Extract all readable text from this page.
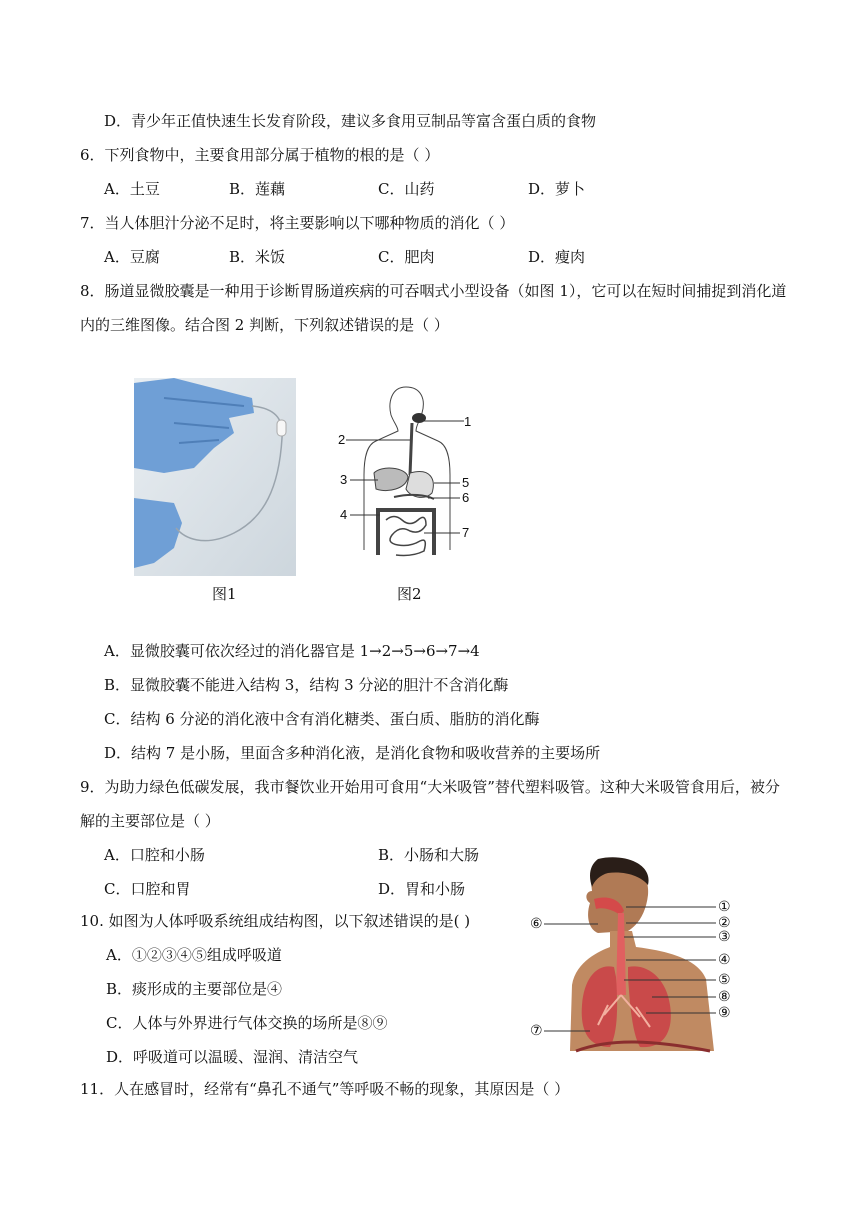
D．青少年正值快速生长发育阶段，建议多食用豆制品等富含蛋白质的食物
6．下列食物中，主要食用部分属于植物的根的是（ ）
A．土豆	B．莲藕	C．山药	D．萝卜
7．当人体胆汁分泌不足时，将主要影响以下哪种物质的消化（ ）
A．豆腐	B．米饭	C．肥肉	D．瘦肉
8．肠道显微胶囊是一种用于诊断胃肠道疾病的可吞咽式小型设备（如图 1），它可以在短时间捕捉到消化道
内的三维图像。结合图 2 判断，下列叙述错误的是（ ）
图1
1
2
3	5
6
4
7
图2
A．显微胶囊可依次经过的消化器官是 1→2→5→6→7→4
B．显微胶囊不能进入结构 3，结构 3 分泌的胆汁不含消化酶
C．结构 6 分泌的消化液中含有消化糖类、蛋白质、脂肪的消化酶
D．结构 7 是小肠，里面含多种消化液，是消化食物和吸收营养的主要场所
9．为助力绿色低碳发展，我市餐饮业开始用可食用“大米吸管”替代塑料吸管。这种大米吸管食用后，被分
解的主要部位是（ ）
A．口腔和小肠	B．小肠和大肠
C．口腔和胃	D．胃和小肠
10. 如图为人体呼吸系统组成结构图，以下叙述错误的是( )
A．①②③④⑤组成呼吸道
B．痰形成的主要部位是④
C．人体与外界进行气体交换的场所是⑧⑨
D．呼吸道可以温暖、湿润、清洁空气
①
②
③
④
⑤
⑧
⑨
⑥
⑦
11．人在感冒时，经常有“鼻孔不通气”等呼吸不畅的现象，其原因是（ ）
